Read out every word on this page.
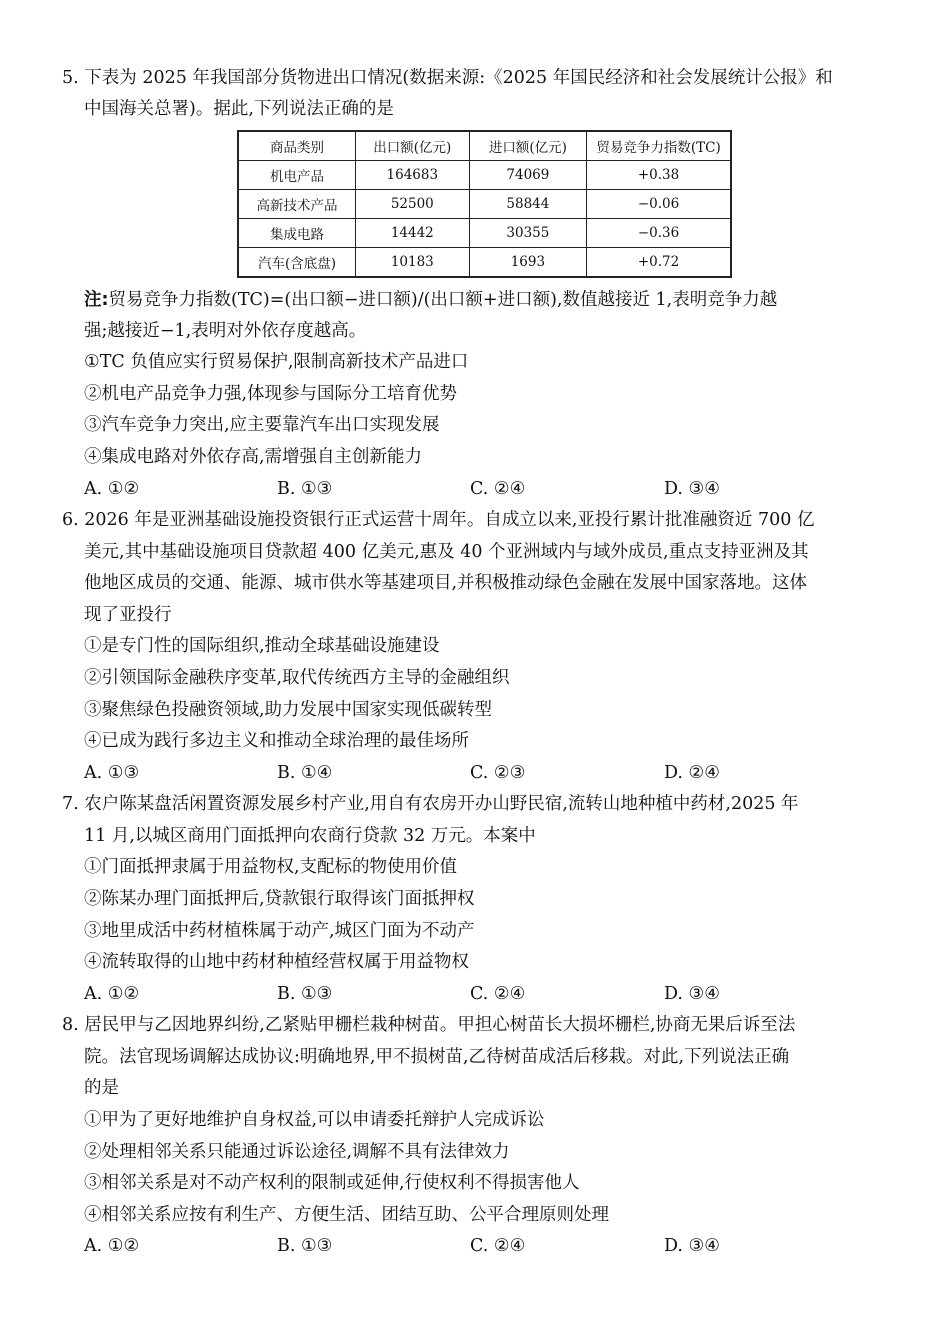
5. 下表为 2025 年我国部分货物进出口情况(数据来源:《2025 年国民经济和社会发展统计公报》和
中国海关总署)。据此,下列说法正确的是
商品类别	出口额(亿元)	进口额(亿元)	贸易竞争力指数(TC)
机电产品	164683	74069	+0.38
高新技术产品	52500	58844	−0.06
集成电路	14442	30355	−0.36
汽车(含底盘)	10183	1693	+0.72
注:贸易竞争力指数(TC)=(出口额−进口额)/(出口额+进口额),数值越接近 1,表明竞争力越
强;越接近−1,表明对外依存度越高。
①TC 负值应实行贸易保护,限制高新技术产品进口
②机电产品竞争力强,体现参与国际分工培育优势
③汽车竞争力突出,应主要靠汽车出口实现发展
④集成电路对外依存高,需增强自主创新能力
A. ①②	B. ①③	C. ②④	D. ③④
6. 2026 年是亚洲基础设施投资银行正式运营十周年。自成立以来,亚投行累计批准融资近 700 亿
美元,其中基础设施项目贷款超 400 亿美元,惠及 40 个亚洲域内与域外成员,重点支持亚洲及其
他地区成员的交通、能源、城市供水等基建项目,并积极推动绿色金融在发展中国家落地。这体
现了亚投行
①是专门性的国际组织,推动全球基础设施建设
②引领国际金融秩序变革,取代传统西方主导的金融组织
③聚焦绿色投融资领域,助力发展中国家实现低碳转型
④已成为践行多边主义和推动全球治理的最佳场所
A. ①③	B. ①④	C. ②③	D. ②④
7. 农户陈某盘活闲置资源发展乡村产业,用自有农房开办山野民宿,流转山地种植中药材,2025 年
11 月,以城区商用门面抵押向农商行贷款 32 万元。本案中
①门面抵押隶属于用益物权,支配标的物使用价值
②陈某办理门面抵押后,贷款银行取得该门面抵押权
③地里成活中药材植株属于动产,城区门面为不动产
④流转取得的山地中药材种植经营权属于用益物权
A. ①②	B. ①③	C. ②④	D. ③④
8. 居民甲与乙因地界纠纷,乙紧贴甲栅栏栽种树苗。甲担心树苗长大损坏栅栏,协商无果后诉至法
院。法官现场调解达成协议:明确地界,甲不损树苗,乙待树苗成活后移栽。对此,下列说法正确
的是
①甲为了更好地维护自身权益,可以申请委托辩护人完成诉讼
②处理相邻关系只能通过诉讼途径,调解不具有法律效力
③相邻关系是对不动产权利的限制或延伸,行使权利不得损害他人
④相邻关系应按有利生产、方便生活、团结互助、公平合理原则处理
A. ①②	B. ①③	C. ②④	D. ③④
